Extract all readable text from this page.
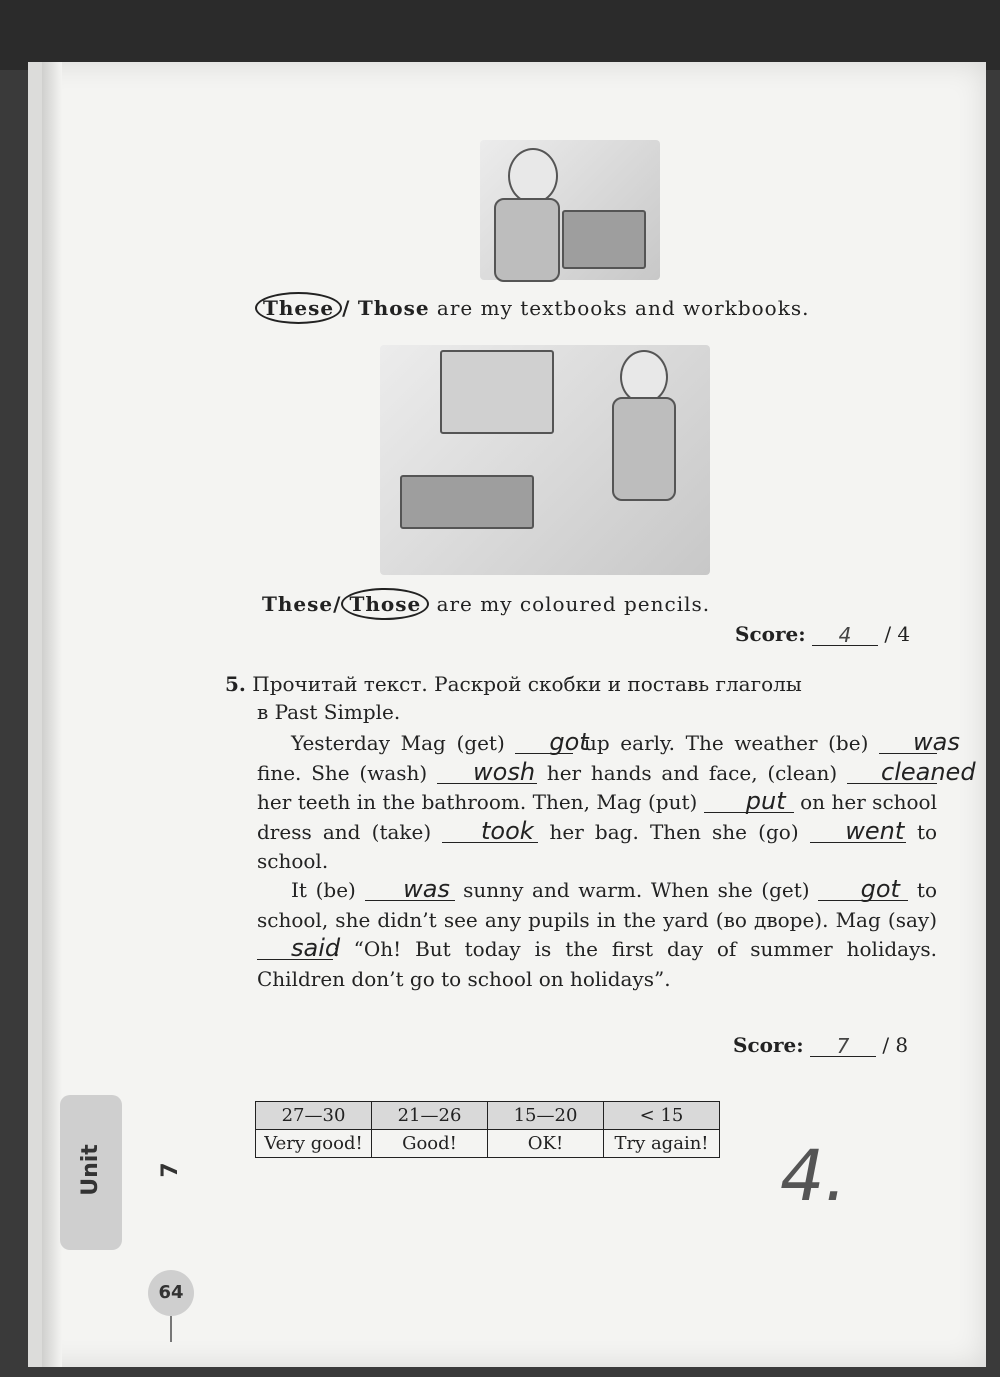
These / Those are my textbooks and workbooks.
These/ Those are my coloured pencils.
Score: 4 / 4
5. Прочитай текст. Раскрой скобки и поставь глаголы
в Past Simple.
Yesterday Mag (get) got up early. The weather (be) was fine. She (wash) wosh her hands and face, (clean) cleaned her teeth in the bathroom. Then, Mag (put) put on her school dress and (take) took her bag. Then she (go) went to school.
It (be) was sunny and warm. When she (get) got to school, she didn’t see any pupils in the yard (во дворе). Mag (say) said: “Oh! But today is the first day of summer holidays. Children don’t go to school on holidays”.
Score: 7 / 8
27—30	21—26	15—20	< 15
Very good!	Good!	OK!	Try again! 4.
Unit 7
64
